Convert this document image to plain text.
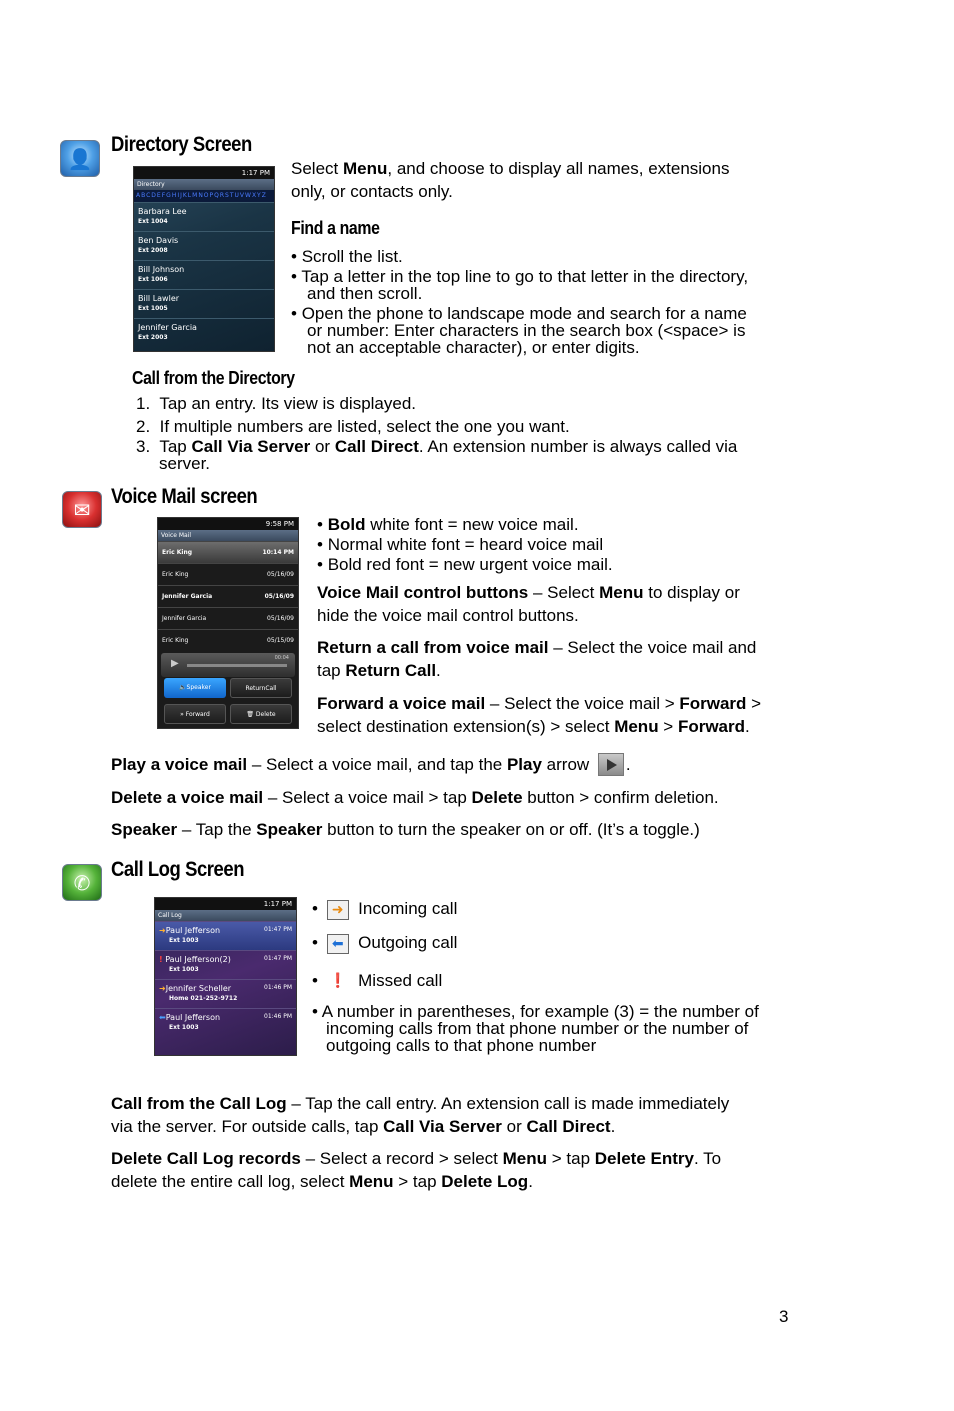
👤
Directory Screen
1:17 PM
Directory
ABCDEFGHIJKLMNOPQRSTUVWXYZ
Barbara Lee
Ext 1004
Ben Davis
Ext 2008
Bill Johnson
Ext 1006
Bill Lawler
Ext 1005
Jennifer Garcia
Ext 2003
Select Menu, and choose to display all names, extensions
only, or contacts only.
Find a name
• Scroll the list.
• Tap a letter in the top line to go to that letter in the directory,
and then scroll.
• Open the phone to landscape mode and search for a name
or number: Enter characters in the search box (<space> is
not an acceptable character), or enter digits.
Call from the Directory
1.  Tap an entry. Its view is displayed.
2.  If multiple numbers are listed, select the one you want.
3.  Tap Call Via Server or Call Direct. An extension number is always called via
server.
✉
Voice Mail screen
9:58 PM
Voice Mail
Eric King	10:14 PM
Eric King	05/16/09
Jennifer Garcia	05/16/09
Jennifer Garcia	05/16/09
Eric King	05/15/09
▶	00:04
🔈Speaker	ReturnCall
» Forward	🗑 Delete
• Bold white font = new voice mail.
• Normal white font = heard voice mail
• Bold red font = new urgent voice mail.
Voice Mail control buttons – Select Menu to display or
hide the voice mail control buttons.
Return a call from voice mail – Select the voice mail and
tap Return Call.
Forward a voice mail – Select the voice mail > Forward >
select destination extension(s) > select Menu > Forward.
Play a voice mail – Select a voice mail, and tap the Play arrow .
Delete a voice mail – Select a voice mail > tap Delete button > confirm deletion.
Speaker – Tap the Speaker button to turn the speaker on or off. (It’s a toggle.)
✆
Call Log Screen
1:17 PM
Call Log
➜Paul Jefferson
Ext 1003
01:47 PM
! Paul Jefferson(2)
Ext 1003
01:47 PM
➜Jennifer Scheller
Home 021-252-9712
01:46 PM
⬅Paul Jefferson
Ext 1003
01:46 PM
• ➜ Incoming call
• ⬅ Outgoing call
• ❗ Missed call
• A number in parentheses, for example (3) = the number of
incoming calls from that phone number or the number of
outgoing calls to that phone number
Call from the Call Log – Tap the call entry. An extension call is made immediately
via the server. For outside calls, tap Call Via Server or Call Direct.
Delete Call Log records – Select a record > select Menu > tap Delete Entry. To
delete the entire call log, select Menu > tap Delete Log.
3
